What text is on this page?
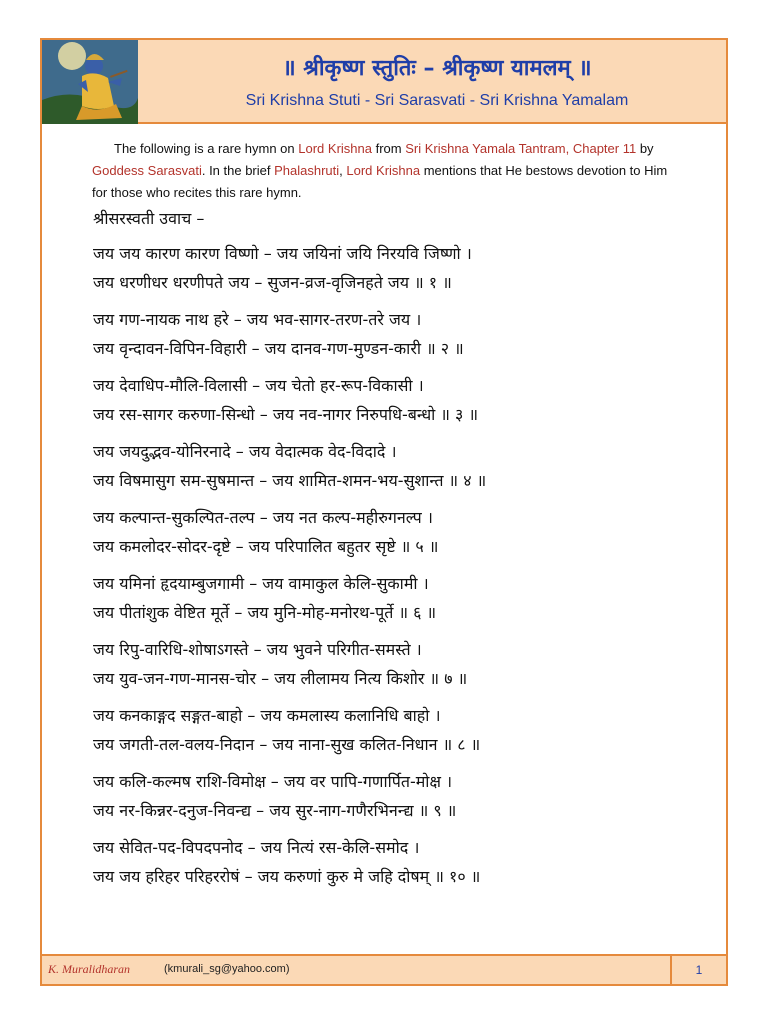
॥ श्रीकृष्ण स्तुतिः – श्रीकृष्ण यामलम् ॥
Sri Krishna Stuti - Sri Sarasvati - Sri Krishna Yamalam

The following is a rare hymn on Lord Krishna from Sri Krishna Yamala Tantram, Chapter 11 by Goddess Sarasvati. In the brief Phalashruti, Lord Krishna mentions that He bestows devotion to Him for those who recites this rare hymn.

श्रीसरस्वती उवाच –
जय जय कारण कारण विष्णो – जय जयिनां जयि निरयवि जिष्णो ।
जय धरणीधर धरणीपते जय – सुजन-व्रज-वृजिनहते जय ॥ १ ॥
जय गण-नायक नाथ हरे – जय भव-सागर-तरण-तरे जय ।
जय वृन्दावन-विपिन-विहारी – जय दानव-गण-मुण्डन-कारी ॥ २ ॥
जय देवाधिप-मौलि-विलासी – जय चेतो हर-रूप-विकासी ।
जय रस-सागर करुणा-सिन्धो – जय नव-नागर निरुपधि-बन्धो ॥ ३ ॥
जय जयदुद्भव-योनिरनादे – जय वेदात्मक वेद-विदादे ।
जय विषमासुग सम-सुषमान्त – जय शामित-शमन-भय-सुशान्त ॥ ४ ॥
जय कल्पान्त-सुकल्पित-तल्प – जय नत कल्प-महीरुगनल्प ।
जय कमलोदर-सोदर-दृष्टे – जय परिपालित बहुतर सृष्टे ॥ ५ ॥
जय यमिनां हृदयाम्बुजगामी – जय वामाकुल केलि-सुकामी ।
जय पीतांशुक वेष्टित मूर्ते – जय मुनि-मोह-मनोरथ-पूर्ते ॥ ६ ॥
जय रिपु-वारिधि-शोषाऽगस्ते – जय भुवने परिगीत-समस्ते ।
जय युव-जन-गण-मानस-चोर – जय लीलामय नित्य किशोर ॥ ७ ॥
जय कनकाङ्गद सङ्गत-बाहो – जय कमलास्य कलानिधि बाहो ।
जय जगती-तल-वलय-निदान – जय नाना-सुख कलित-निधान ॥ ८ ॥
जय कलि-कल्मष राशि-विमोक्ष – जय वर पापि-गणार्पित-मोक्ष ।
जय नर-किन्नर-दनुज-निवन्द्य – जय सुर-नाग-गणैरभिनन्द्य ॥ ९ ॥
जय सेवित-पद-विपदपनोद – जय नित्यं रस-केलि-समोद ।
जय जय हरिहर परिहररोषं – जय करुणां कुरु मे जहि दोषम् ॥ १० ॥
K. Muralidharan	(kmurali_sg@yahoo.com)	1
